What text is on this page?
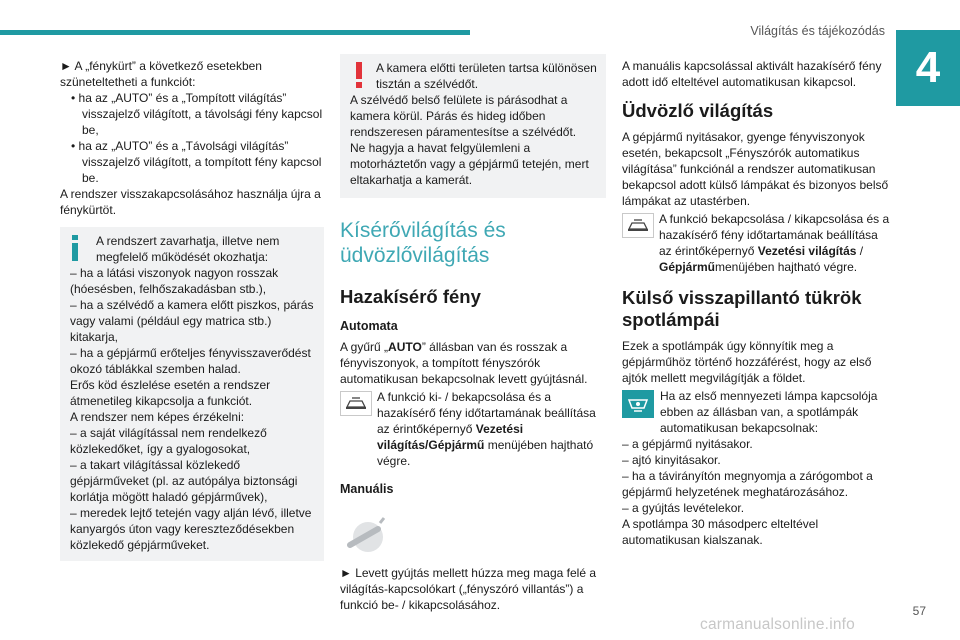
Világítás és tájékozódás
4

► A „fénykürt” a következő esetekben szüneteltetheti a funkciót:

• ha az „AUTO” és a „Tompított világítás” visszajelző világított, a távolsági fény kapcsol be,

• ha az „AUTO” és a „Távolsági világítás” visszajelző világított, a tompított fény kapcsol be.

A rendszer visszakapcsolásához használja újra a fénykürtöt.

A rendszert zavarhatja, illetve nem megfelelő működését okozhatja:

– ha a látási viszonyok nagyon rosszak (hóesésben, felhőszakadásban stb.),

– ha a szélvédő a kamera előtt piszkos, párás vagy valami (például egy matrica stb.) kitakarja,

– ha a gépjármű erőteljes fényvisszaverődést okozó táblákkal szemben halad.

Erős köd észlelése esetén a rendszer átmenetileg kikapcsolja a funkciót.

A rendszer nem képes érzékelni:

– a saját világítással nem rendelkező közlekedőket, így a gyalogosokat,

– a takart világítással közlekedő gépjárműveket (pl. az autópálya biztonsági korlátja mögött haladó gépjárművek),

– meredek lejtő tetején vagy alján lévő, illetve kanyargós úton vagy kereszteződésekben közlekedő gépjárműveket.

A kamera előtti területen tartsa különösen tisztán a szélvédőt.

A szélvédő belső felülete is párásodhat a kamera körül. Párás és hideg időben rendszeresen páramentesítse a szélvédőt.
Ne hagyja a havat felgyülemleni a motorháztetőn vagy a gépjármű tetején, mert eltakarhatja a kamerát.

Kísérővilágítás és üdvözlővilágítás
Hazakísérő fény
Automata

A gyűrű „AUTO” állásban van és rosszak a fényviszonyok, a tompított fényszórók automatikusan bekapcsolnak levett gyújtásnál.

A funkció ki- / bekapcsolása és a hazakísérő fény időtartamának beállítása az érintőképernyő Vezetési világítás/Gépjármű menüjében hajtható végre.

Manuális

► Levett gyújtás mellett húzza meg maga felé a világítás-kapcsolókart („fényszóró villantás”) a funkció be- / kikapcsolásához.

A manuális kapcsolással aktivált hazakísérő fény adott idő elteltével automatikusan kikapcsol.

Üdvözlő világítás

A gépjármű nyitásakor, gyenge fényviszonyok esetén, bekapcsolt „Fényszórók automatikus világítása” funkciónál a rendszer automatikusan bekapcsol adott külső lámpákat és bizonyos belső lámpákat az utastérben.

A funkció bekapcsolása / kikapcsolása és a hazakísérő fény időtartamának beállítása az érintőképernyő Vezetési világítás / Gépjárműmenüjében hajtható végre.

Külső visszapillantó tükrök spotlámpái

Ezek a spotlámpák úgy könnyítik meg a gépjárműhöz történő hozzáférést, hogy az első ajtók mellett megvilágítják a földet.

Ha az első mennyezeti lámpa kapcsolója ebben az állásban van, a spotlámpák automatikusan bekapcsolnak:

– a gépjármű nyitásakor.

– ajtó kinyitásakor.

– ha a távirányítón megnyomja a zárógombot a gépjármű helyzetének meghatározásához.

– a gyújtás levételekor.

A spotlámpa 30 másodperc elteltével automatikusan kialszanak.

57
carmanualsonline.info
